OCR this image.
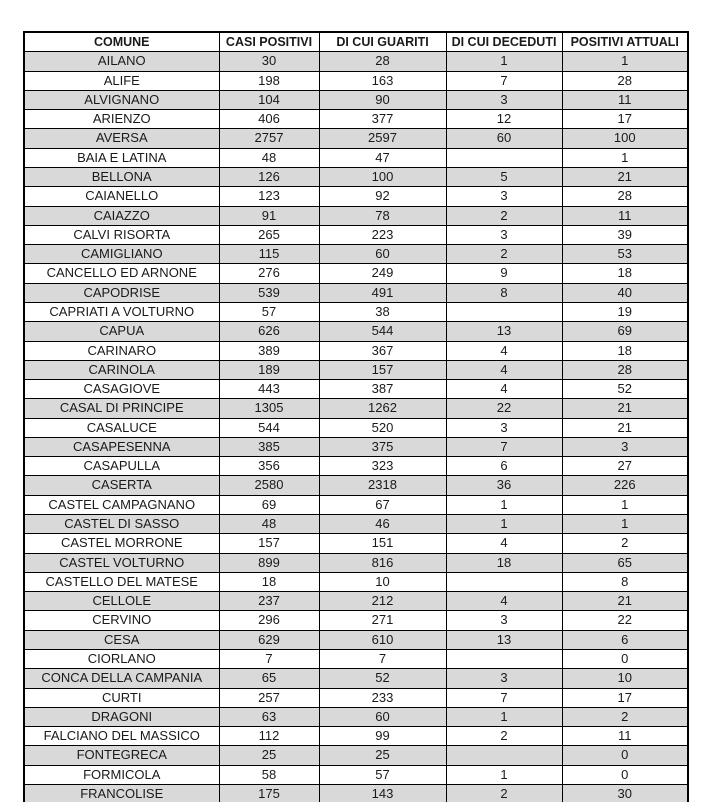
COMUNE	CASI POSITIVI	DI CUI GUARITI	DI CUI DECEDUTI	POSITIVI ATTUALI
AILANO	30	28	1	1
ALIFE	198	163	7	28
ALVIGNANO	104	90	3	11
ARIENZO	406	377	12	17
AVERSA	2757	2597	60	100
BAIA E LATINA	48	47		1
BELLONA	126	100	5	21
CAIANELLO	123	92	3	28
CAIAZZO	91	78	2	11
CALVI RISORTA	265	223	3	39
CAMIGLIANO	115	60	2	53
CANCELLO ED ARNONE	276	249	9	18
CAPODRISE	539	491	8	40
CAPRIATI A VOLTURNO	57	38		19
CAPUA	626	544	13	69
CARINARO	389	367	4	18
CARINOLA	189	157	4	28
CASAGIOVE	443	387	4	52
CASAL DI PRINCIPE	1305	1262	22	21
CASALUCE	544	520	3	21
CASAPESENNA	385	375	7	3
CASAPULLA	356	323	6	27
CASERTA	2580	2318	36	226
CASTEL CAMPAGNANO	69	67	1	1
CASTEL DI SASSO	48	46	1	1
CASTEL MORRONE	157	151	4	2
CASTEL VOLTURNO	899	816	18	65
CASTELLO DEL MATESE	18	10		8
CELLOLE	237	212	4	21
CERVINO	296	271	3	22
CESA	629	610	13	6
CIORLANO	7	7		0
CONCA DELLA CAMPANIA	65	52	3	10
CURTI	257	233	7	17
DRAGONI	63	60	1	2
FALCIANO DEL MASSICO	112	99	2	11
FONTEGRECA	25	25		0
FORMICOLA	58	57	1	0
FRANCOLISE	175	143	2	30
